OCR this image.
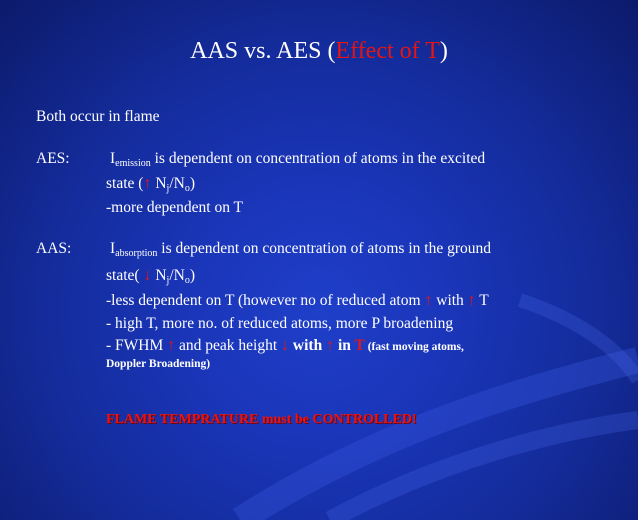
AAS vs. AES (Effect of T)
Both occur in flame
AES:	$I_{emission}$ is dependent on concentration of atoms in the excited
state (↑ $N_j/N_o$)
-more dependent on T
AAS: $I_{absorption}$ is dependent on concentration of atoms in the ground
state( ↓ $N_j/N_o$)
-less dependent on T (however no of reduced atom ↑ with ↑ T
- high T, more no. of reduced atoms, more P broadening
- FWHM ↑ and peak height ↓ with ↑ in T (fast moving atoms,
Doppler Broadening)
FLAME TEMPRATURE must be CONTROLLED!
